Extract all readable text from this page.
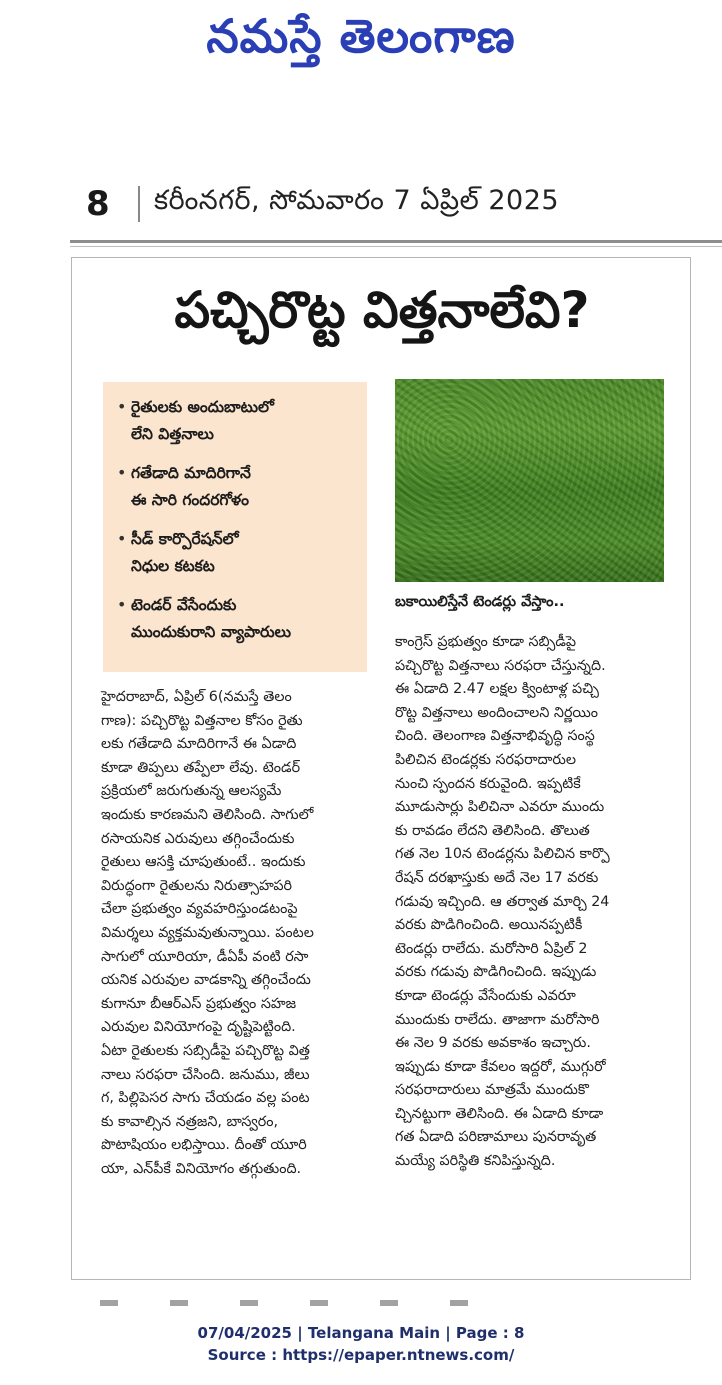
నమస్తే తెలంగాణ
8	కరీంనగర్, సోమవారం 7 ఏప్రిల్ 2025
పచ్చిరొట్ట విత్తనాలేవి?
• రైతులకు అందుబాటులో
లేని విత్తనాలు
• గతేడాది మాదిరిగానే
ఈ సారి గందరగోళం
• సీడ్ కార్పొరేషన్‌లో
నిధుల కటకట
• టెండర్ వేసేందుకు
ముందుకురాని వ్యాపారులు
బకాయిలిస్తేనే టెండర్లు వేస్తాం..
హైదరాబాద్, ఏప్రిల్ 6(నమస్తే తెలం
గాణ): పచ్చిరొట్ట విత్తనాల కోసం రైతు
లకు గతేడాది మాదిరిగానే ఈ ఏడాది
కూడా తిప్పలు తప్పేలా లేవు. టెండర్
ప్రక్రియలో జరుగుతున్న ఆలస్యమే
ఇందుకు కారణమని తెలిసింది. సాగులో
రసాయనిక ఎరువులు తగ్గించేందుకు
రైతులు ఆసక్తి చూపుతుంటే.. ఇందుకు
విరుద్ధంగా రైతులను నిరుత్సాహపరి
చేలా ప్రభుత్వం వ్యవహరిస్తుండటంపై
విమర్శలు వ్యక్తమవుతున్నాయి. పంటల
సాగులో యూరియా, డీఏపీ వంటి రసా
యనిక ఎరువుల వాడకాన్ని తగ్గించేందు
కుగానూ బీఆర్‌ఎస్ ప్రభుత్వం సహజ
ఎరువుల వినియోగంపై దృష్టిపెట్టింది.
ఏటా రైతులకు సబ్సిడీపై పచ్చిరొట్ట విత్త
నాలు సరఫరా చేసింది. జనుము, జీలు
గ, పిల్లిపెసర సాగు చేయడం వల్ల పంట
కు కావాల్సిన నత్రజని, బాస్వరం,
పొటాషియం లభిస్తాయి. దీంతో యూరి
యా, ఎన్‌పీకే వినియోగం తగ్గుతుంది.
కాంగ్రెస్ ప్రభుత్వం కూడా సబ్సిడీపై
పచ్చిరొట్ట విత్తనాలు సరఫరా చేస్తున్నది.
ఈ ఏడాది 2.47 లక్షల క్వింటాళ్ల పచ్చి
రొట్ట విత్తనాలు అందించాలని నిర్ణయిం
చింది. తెలంగాణ విత్తనాభివృద్ధి సంస్థ
పిలిచిన టెండర్లకు సరఫరాదారుల
నుంచి స్పందన కరువైంది. ఇప్పటికే
మూడుసార్లు పిలిచినా ఎవరూ ముందు
కు రావడం లేదని తెలిసింది. తొలుత
గత నెల 10న టెండర్లను పిలిచిన కార్పొ
రేషన్ దరఖాస్తుకు అదే నెల 17 వరకు
గడువు ఇచ్చింది. ఆ తర్వాత మార్చి 24
వరకు పొడిగించింది. అయినప్పటికీ
టెండర్లు రాలేదు. మరోసారి ఏప్రిల్ 2
వరకు గడువు పొడిగించింది. ఇప్పుడు
కూడా టెండర్లు వేసేందుకు ఎవరూ
ముందుకు రాలేదు. తాజాగా మరోసారి
ఈ నెల 9 వరకు అవకాశం ఇచ్చారు.
ఇప్పుడు కూడా కేవలం ఇద్దరో, ముగ్గురో
సరఫరాదారులు మాత్రమే ముందుకొ
చ్చినట్టుగా తెలిసింది. ఈ ఏడాది కూడా
గత ఏడాది పరిణామాలు పునరావృత
మయ్యే పరిస్థితి కనిపిస్తున్నది.
07/04/2025 | Telangana Main | Page : 8
Source : https://epaper.ntnews.com/
